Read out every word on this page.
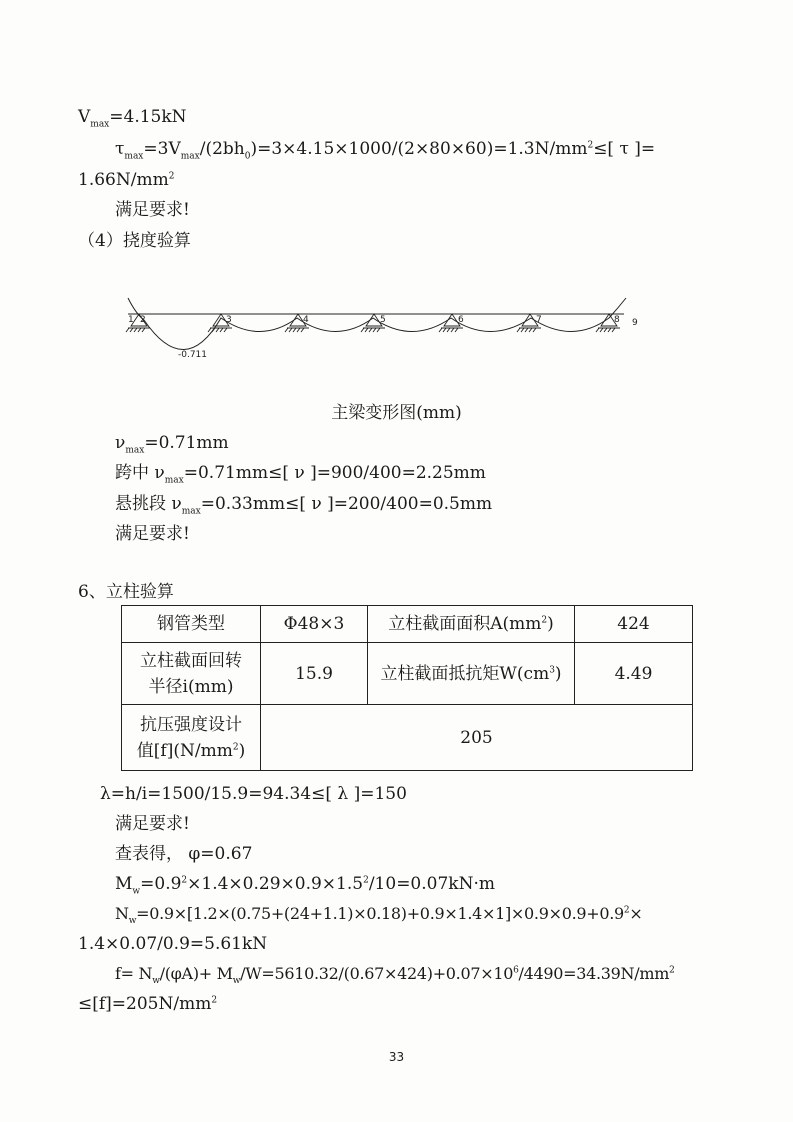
$V_{max}=4.15kN$
$\tau_{max}=3V_{max}/(2bh_0)=3\times 4.15\times 1000/(2\times 80\times 60)=1.3N/mm^2\le$[ τ ]=
$1.66N/mm^2$
满足要求!
（4）挠度验算
1 2	3	4	5	6	7	8 9
-0.711
主梁变形图(mm)
$\nu_{max}=0.71mm$
跨中 $\nu_{max}=0.71mm\le$[ ν ]=900/400=2.25mm
悬挑段 $\nu_{max}=0.33mm\le$[ ν ]=200/400=0.5mm
满足要求!
6、立柱验算
钢管类型	Φ48×3	立柱截面面积$A(mm^2)$	424
立柱截面回转
半径i(mm)	15.9	立柱截面抵抗矩$W(cm^3)$	4.49
抗压强度设计
值$[f](N/mm^2)$	205		
λ=h/i=1500/15.9=94.34≤[ λ ]=150
满足要求!
查表得， φ=0.67
$M_w=0.9^2\times 1.4\times 0.29\times 0.9\times 1.5^2/10=0.07kN\cdot m$
$N_w=0.9\times[1.2\times(0.75+(24+1.1)\times 0.18)+0.9\times 1.4\times 1]\times 0.9\times 0.9+0.9^2\times$
1.4×0.07/0.9=5.61kN
$f= N_w/(\varphi A)+ M_w/W=5610.32/(0.67\times 424)+0.07\times 10^6/4490=34.39N/mm^2$
$\le[f]=205N/mm^2$
33
